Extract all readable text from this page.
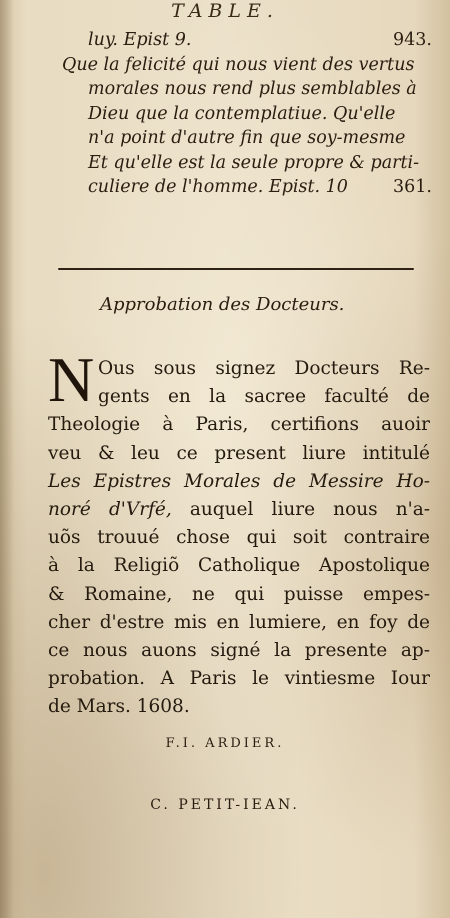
TABLE.
luy. Epist 9.	943.
Que la felicité qui nous vient des vertus
morales nous rend plus semblables à
Dieu que la contemplatiue. Qu'elle
n'a point d'autre fin que soy-mesme
Et qu'elle est la seule propre & parti-
culiere de l'homme. Epist. 10	361.
Approbation des Docteurs.
N Ous sous signez Docteurs Re-
gents en la sacree faculté de
Theologie à Paris, certifions auoir
veu & leu ce present liure intitulé
Les Epistres Morales de Messire Ho-
noré d'Vrfé, auquel liure nous n'a-
uõs trouué chose qui soit contraire
à la Religiõ Catholique Apostolique
& Romaine, ne qui puisse empes-
cher d'estre mis en lumiere, en foy de
ce nous auons signé la presente ap-
probation. A Paris le vintiesme Iour
de Mars. 1608.
F.I. ARDIER.
C. PETIT-IEAN.
